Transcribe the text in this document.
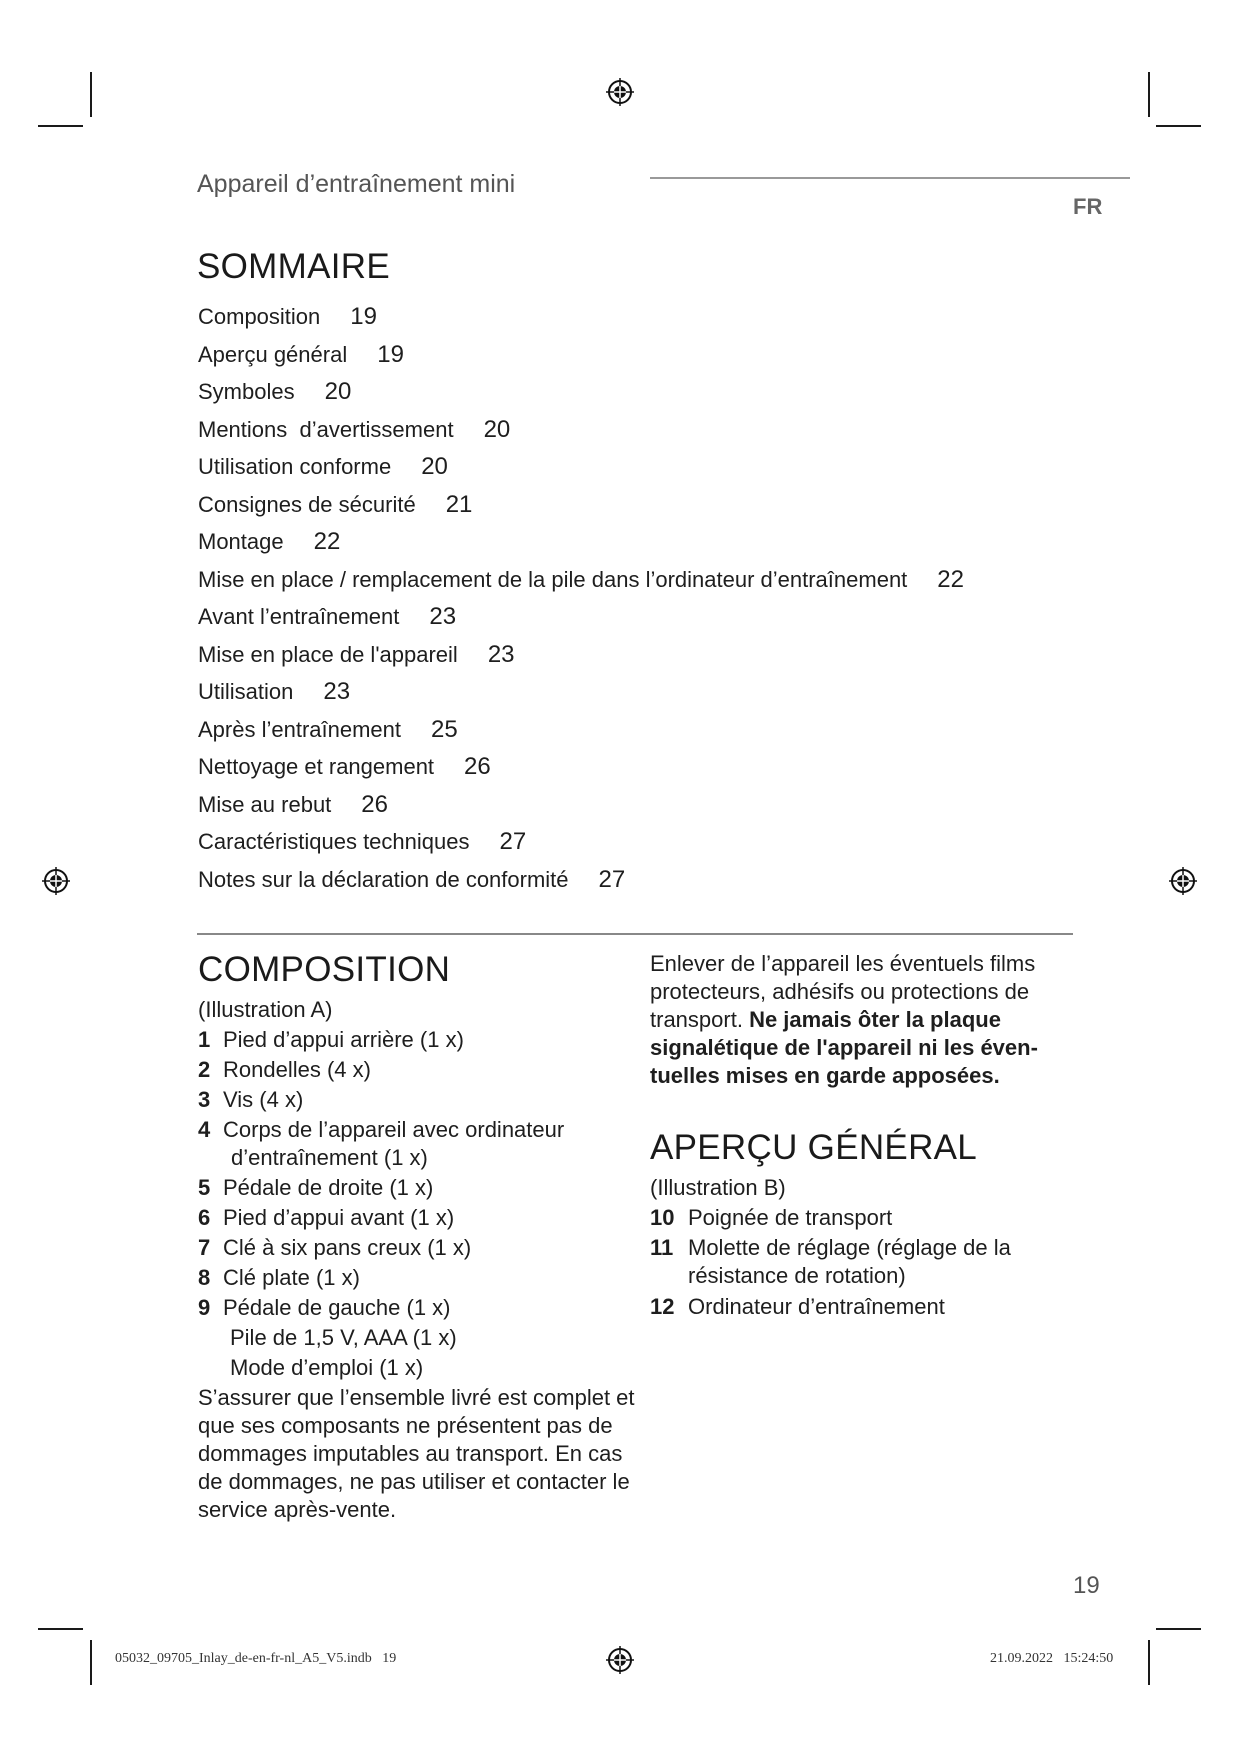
Appareil d’entraînement mini
FR
SOMMAIRE
Composition 19
Aperçu général 19
Symboles 20
Mentions  d’avertissement 20
Utilisation conforme 20
Consignes de sécurité 21
Montage 22
Mise en place / remplacement de la pile dans l’ordinateur d’entraînement 22
Avant l’entraînement 23
Mise en place de l'appareil 23
Utilisation 23
Après l’entraînement 25
Nettoyage et rangement 26
Mise au rebut 26
Caractéristiques techniques 27
Notes sur la déclaration de conformité 27
COMPOSITION
(Illustration A)
1 Pied d’appui arrière (1 x)
2 Rondelles (4 x)
3 Vis (4 x)
4 Corps de l’appareil avec ordinateur
d’entraînement (1 x)
5 Pédale de droite (1 x)
6 Pied d’appui avant (1 x)
7 Clé à six pans creux (1 x)
8 Clé plate (1 x)
9 Pédale de gauche (1 x)
Pile de 1,5 V, AAA (1 x)
Mode d’emploi (1 x)

S’assurer que l’ensemble livré est complet et que ses composants ne présentent pas de dommages imputables au transport. En cas de dommages, ne pas utiliser et contacter le service après-vente.

Enlever de l’appareil les éventuels films protecteurs, adhésifs ou protections de transport. Ne jamais ôter la plaque signalétique de l'appareil ni les éven-tuelles mises en garde apposées.

APERÇU GÉNÉRAL
(Illustration B)
10 Poignée de transport
11 Molette de réglage (réglage de la
résistance de rotation)
12 Ordinateur d’entraînement
19
05032_09705_Inlay_de-en-fr-nl_A5_V5.indb   19	21.09.2022   15:24:50
